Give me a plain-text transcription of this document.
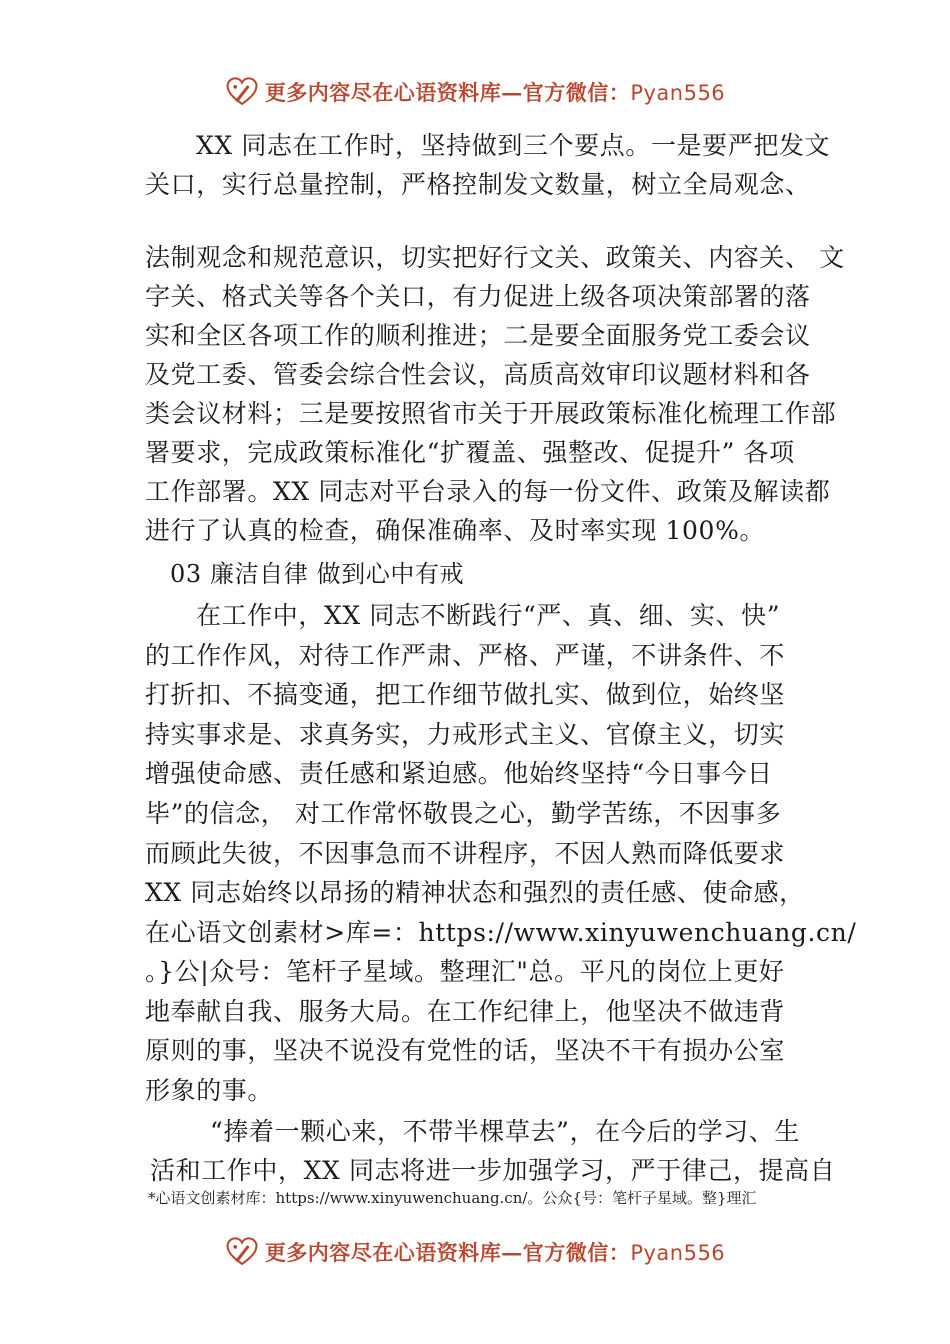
更多内容尽在心语资料库—官方微信：Pyan556
XX 同志在工作时，坚持做到三个要点。一是要严把发文
关口，实行总量控制，严格控制发文数量，树立全局观念、
法制观念和规范意识，切实把好行文关、政策关、内容关、 文
字关、格式关等各个关口，有力促进上级各项决策部署的落
实和全区各项工作的顺利推进；二是要全面服务党工委会议
及党工委、管委会综合性会议，高质高效审印议题材料和各
类会议材料；三是要按照省市关于开展政策标准化梳理工作部
署要求，完成政策标准化“扩覆盖、强整改、促提升” 各项
工作部署。XX 同志对平台录入的每一份文件、政策及解读都
进行了认真的检查，确保准确率、及时率实现 100%。
03 廉洁自律 做到心中有戒
在工作中，XX 同志不断践行“严、真、细、实、快”
的工作作风，对待工作严肃、严格、严谨，不讲条件、不
打折扣、不搞变通，把工作细节做扎实、做到位，始终坚
持实事求是、求真务实，力戒形式主义、官僚主义，切实
增强使命感、责任感和紧迫感。他始终坚持“今日事今日
毕”的信念， 对工作常怀敬畏之心，勤学苦练，不因事多
而顾此失彼，不因事急而不讲程序，不因人熟而降低要求
XX 同志始终以昂扬的精神状态和强烈的责任感、使命感，
在心语文创素材>库=：https://www.xinyuwenchuang.cn/
。}公|众号：笔杆子星域。整理汇"总。平凡的岗位上更好
地奉献自我、服务大局。在工作纪律上，他坚决不做违背
原则的事，坚决不说没有党性的话，坚决不干有损办公室
形象的事。
“捧着一颗心来，不带半棵草去”，在今后的学习、生
活和工作中，XX 同志将进一步加强学习，严于律己，提高自
*心语文创素材库：https://www.xinyuwenchuang.cn/。公众{号：笔杆子星域。整}理汇
更多内容尽在心语资料库—官方微信：Pyan556
